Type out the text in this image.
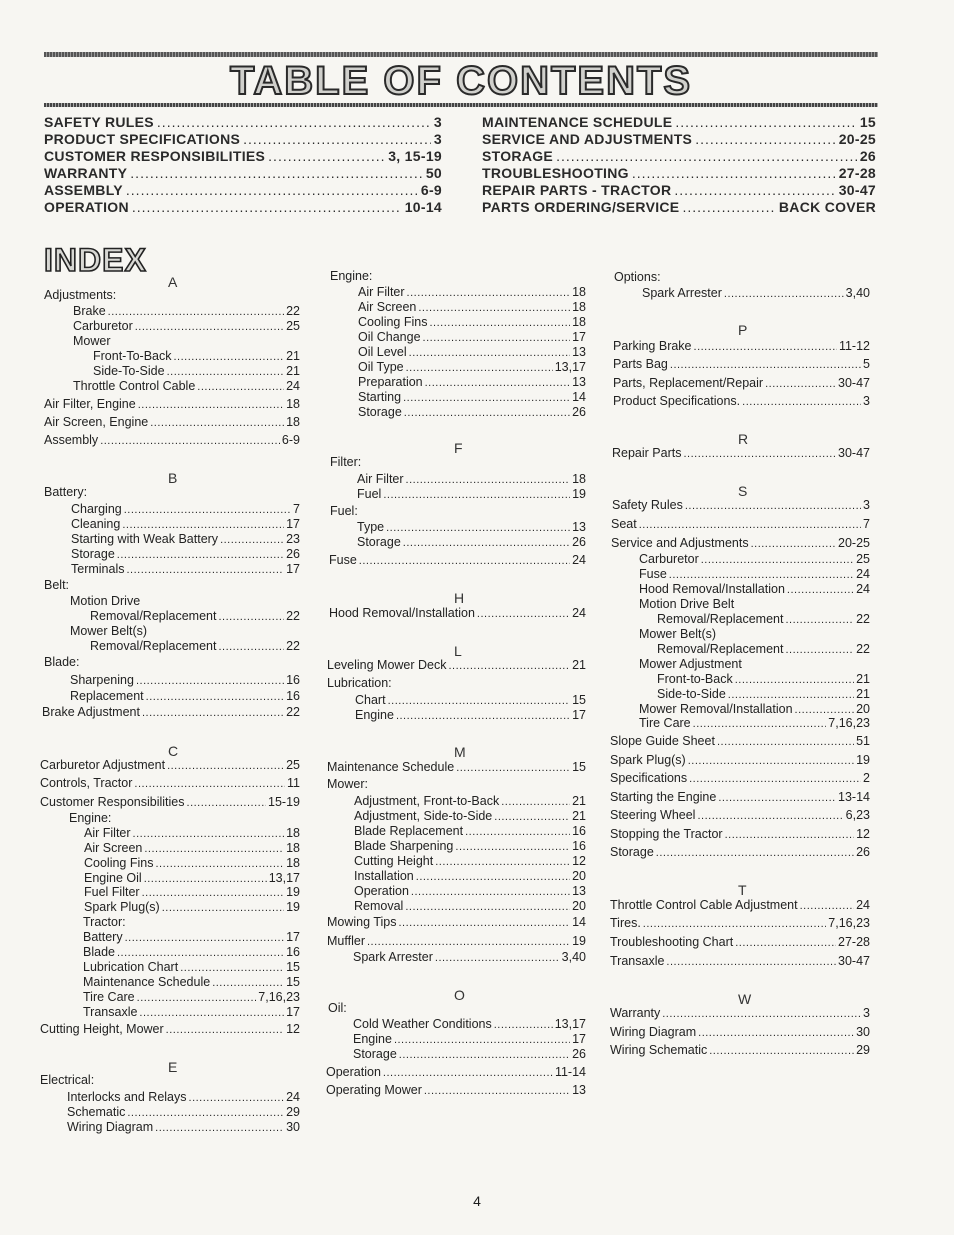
TABLE OF CONTENTS
SAFETY RULES .....	3
PRODUCT SPECIFICATIONS .....	3
CUSTOMER RESPONSIBILITIES .....	3, 15-19
WARRANTY .....	50
ASSEMBLY .....	6-9
OPERATION .....	10-14
MAINTENANCE SCHEDULE .....	15
SERVICE AND ADJUSTMENTS .....	20-25
STORAGE .....	26
TROUBLESHOOTING .....	27-28
REPAIR PARTS - TRACTOR .....	30-47
PARTS ORDERING/SERVICE .....	BACK COVER
INDEX
A
Adjustments:
Brake .....	22
Carburetor .....	25
Mower
Front-To-Back .....	21
Side-To-Side .....	21
Throttle Control Cable .....	24
Air Filter, Engine .....	18
Air Screen, Engine .....	18
Assembly .....	6-9
B
Battery:
Charging .....	7
Cleaning .....	17
Starting with Weak Battery .....	23
Storage .....	26
Terminals .....	17
Belt:
Motion Drive
Removal/Replacement .....	22
Mower Belt(s)
Removal/Replacement .....	22
Blade:
Sharpening .....	16
Replacement .....	16
Brake Adjustment .....	22
C
Carburetor Adjustment .....	25
Controls, Tractor .....	11
Customer Responsibilities .....	15-19
Engine:
Air Filter .....	18
Air Screen .....	18
Cooling Fins .....	18
Engine Oil .....	13,17
Fuel Filter .....	19
Spark Plug(s) .....	19
Tractor:
Battery .....	17
Blade .....	16
Lubrication Chart .....	15
Maintenance Schedule .....	15
Tire Care .....	7,16,23
Transaxle .....	17
Cutting Height, Mower .....	12
E
Electrical:
Interlocks and Relays .....	24
Schematic .....	29
Wiring Diagram .....	30
Engine:
Air Filter .....	18
Air Screen .....	18
Cooling Fins .....	18
Oil Change .....	17
Oil Level .....	13
Oil Type .....	13,17
Preparation .....	13
Starting .....	14
Storage .....	26
F
Filter:
Air Filter .....	18
Fuel .....	19
Fuel:
Type .....	13
Storage .....	26
Fuse .....	24
H
Hood Removal/Installation .....	24
L
Leveling Mower Deck .....	21
Lubrication:
Chart .....	15
Engine .....	17
M
Maintenance Schedule .....	15
Mower:
Adjustment, Front-to-Back .....	21
Adjustment, Side-to-Side .....	21
Blade Replacement .....	16
Blade Sharpening .....	16
Cutting Height .....	12
Installation .....	20
Operation .....	13
Removal .....	20
Mowing Tips .....	14
Muffler .....	19
Spark Arrester .....	3,40
O
Oil:
Cold Weather Conditions .....	13,17
Engine .....	17
Storage .....	26
Operation .....	11-14
Operating Mower .....	13
Options:
Spark Arrester .....	3,40
P
Parking Brake .....	11-12
Parts Bag .....	5
Parts, Replacement/Repair .....	30-47
Product Specifications. .....	3
R
Repair Parts .....	30-47
S
Safety Rules .....	3
Seat .....	7
Service and Adjustments .....	20-25
Carburetor .....	25
Fuse .....	24
Hood Removal/Installation .....	24
Motion Drive Belt
Removal/Replacement .....	22
Mower Belt(s)
Removal/Replacement .....	22
Mower Adjustment
Front-to-Back .....	21
Side-to-Side .....	21
Mower Removal/Installation .....	20
Tire Care .....	7,16,23
Slope Guide Sheet .....	51
Spark Plug(s) .....	19
Specifications .....	2
Starting the Engine .....	13-14
Steering Wheel .....	6,23
Stopping the Tractor .....	12
Storage .....	26
T
Throttle Control Cable Adjustment .....	24
Tires. .....	7,16,23
Troubleshooting Chart .....	27-28
Transaxle .....	30-47
W
Warranty .....	3
Wiring Diagram .....	30
Wiring Schematic .....	29
4
